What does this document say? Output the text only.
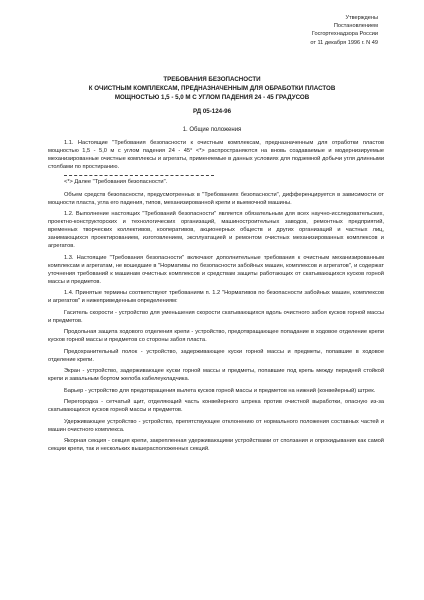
Утверждены
Постановлением
Госгортехнадзора России
от 11 декабря 1996 г. N 49
ТРЕБОВАНИЯ БЕЗОПАСНОСТИ
К ОЧИСТНЫМ КОМПЛЕКСАМ, ПРЕДНАЗНАЧЕННЫМ ДЛЯ ОБРАБОТКИ ПЛАСТОВ
МОЩНОСТЬЮ 1,5 - 5,0 М С УГЛОМ ПАДЕНИЯ 24 - 45 ГРАДУСОВ
РД 05-124-96
1. Общие положения

1.1. Настоящие "Требования безопасности к очистным комплексам, предназначенным для отработки пластов мощностью 1,5 - 5,0 м с углом падения 24 - 45° <*> распространяются на вновь создаваемые и модернизируемые механизированные очистные комплексы и агрегаты, применяемые в данных условиях для подземной добычи угля длинными столбами по простиранию.

<*> Далее "Требования безопасности".

Объем средств безопасности, предусмотренных в "Требованиях безопасности", дифференцируется в зависимости от мощности пласта, угла его падения, типов, механизированной крепи и выемочной машины.

1.2. Выполнение настоящих "Требований безопасности" является обязательным для всех научно-исследовательских, проектно-конструкторских и технологических организаций, машиностроительных заводов, ремонтных предприятий, временных творческих коллективов, кооперативов, акционерных обществ и других организаций и частных лиц, занимающихся проектированием, изготовлением, эксплуатацией и ремонтом очистных механизированных комплексов и агрегатов.

1.3. Настоящие "Требования безопасности" включают дополнительные требования к очистным механизированным комплексам и агрегатам, не вошедшие в "Нормативы по безопасности забойных машин, комплексов и агрегатов", и содержат уточнения требований к машинам очистных комплексов и средствам защиты работающих от скатывающихся кусков горной массы и предметов.

1.4. Принятые термины соответствуют требованиям п. 1.2 "Нормативов по безопасности забойных машин, комплексов и агрегатов" и нижеприведенным определениям:

Гаситель скорости - устройство для уменьшения скорости скатывающихся вдоль очистного забоя кусков горной массы и предметов.

Продольная защита ходового отделения крепи - устройство, предотвращающее попадание в ходовое отделение крепи кусков горной массы и предметов со стороны забоя пласта.

Предохранительный полок - устройство, задерживающее куски горной массы и предметы, попавшие в ходовое отделение крепи.

Экран - устройство, задерживающее куски горной массы и предметы, попавшие под крепь между передней стойкой крепи и завальным бортом желоба кабелеукладчика.

Барьер - устройство для предотвращения вылета кусков горной массы и предметов на нижний (конвейерный) штрек.

Перегородка - сетчатый щит, отделяющий часть конвейерного штрека против очистной выработки, опасную из-за скатывающихся кусков горной массы и предметов.

Удерживающее устройство - устройство, препятствующее отклонению от нормального положения составных частей и машин очистного комплекса.

Якорная секция - секция крепи, закрепленная удерживающими устройствами от сползания и опрокидывания как самой секции крепи, так и нескольких вышерасположенных секций.
